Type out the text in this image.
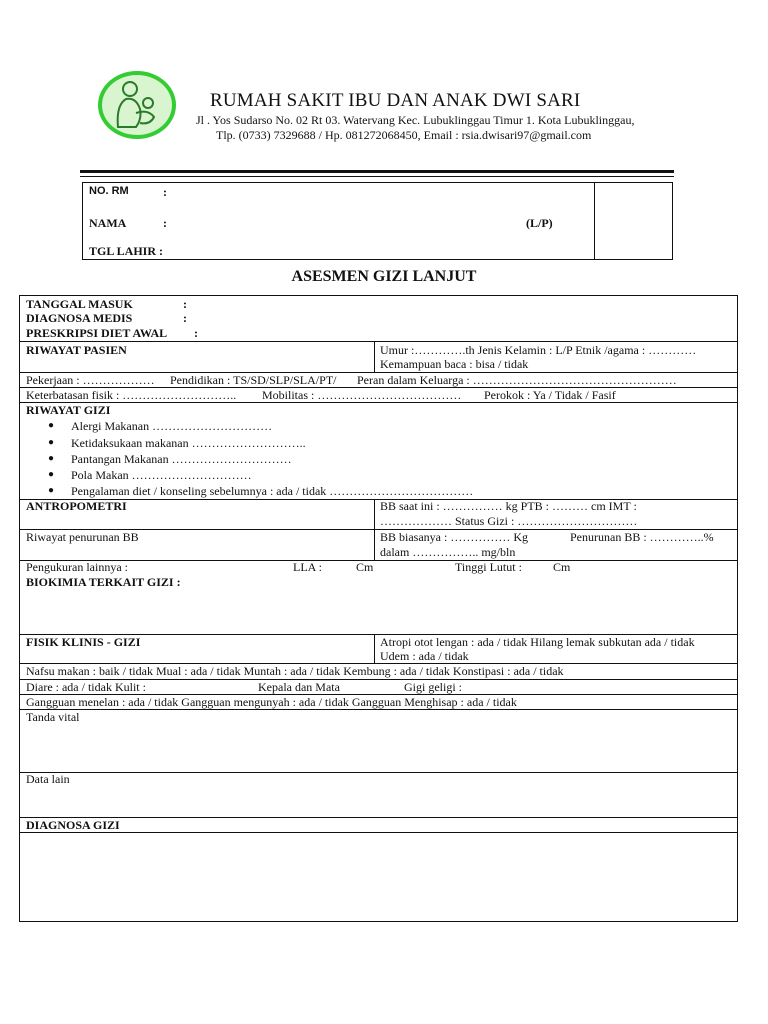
RUMAH SAKIT IBU DAN ANAK DWI SARI
Jl . Yos Sudarso No. 02 Rt 03. Watervang Kec. Lubuklinggau Timur 1. Kota Lubuklinggau,
Tlp. (0733) 7329688 / Hp. 081272068450, Email : rsia.dwisari97@gmail.com
NO. RM	:
NAMA	:	(L/P)
TGL LAHIR :
ASESMEN GIZI LANJUT
TANGGAL MASUK	:
DIAGNOSA MEDIS	:
PRESKRIPSI DIET AWAL :
RIWAYAT PASIEN	Umur :………….th Jenis Kelamin : L/P Etnik /agama : …………
Kemampuan baca : bisa / tidak
Pekerjaan : ……………… Pendidikan : TS/SD/SLP/SLA/PT/ Peran dalam Keluarga : ……………………………………………
Keterbatasan fisik : ……………………….. Mobilitas : ……………………………… Perokok : Ya / Tidak / Fasif
RIWAYAT GIZI
● Alergi Makanan …………………………
● Ketidaksukaan makanan ………………………..
● Pantangan Makanan …………………………
● Pola Makan …………………………
● Pengalaman diet / konseling sebelumnya : ada / tidak ………………………………
ANTROPOMETRI	BB saat ini : …………… kg PTB : ……… cm IMT :
……………… Status Gizi : …………………………
Riwayat penurunan BB	BB biasanya : …………… Kg	Penurunan BB : …………..%
dalam …………….. mg/bln
Pengukuran lainnya :	LLA :	Cm	Tinggi Lutut :	Cm
BIOKIMIA TERKAIT GIZI :
FISIK KLINIS - GIZI	Atropi otot lengan : ada / tidak Hilang lemak subkutan ada / tidak
Udem : ada / tidak
Nafsu makan : baik / tidak Mual : ada / tidak Muntah : ada / tidak Kembung : ada / tidak Konstipasi : ada / tidak
Diare : ada / tidak Kulit :	Kepala dan Mata	Gigi geligi :
Gangguan menelan : ada / tidak Gangguan mengunyah : ada / tidak Gangguan Menghisap : ada / tidak
Tanda vital
Data lain
DIAGNOSA GIZI
